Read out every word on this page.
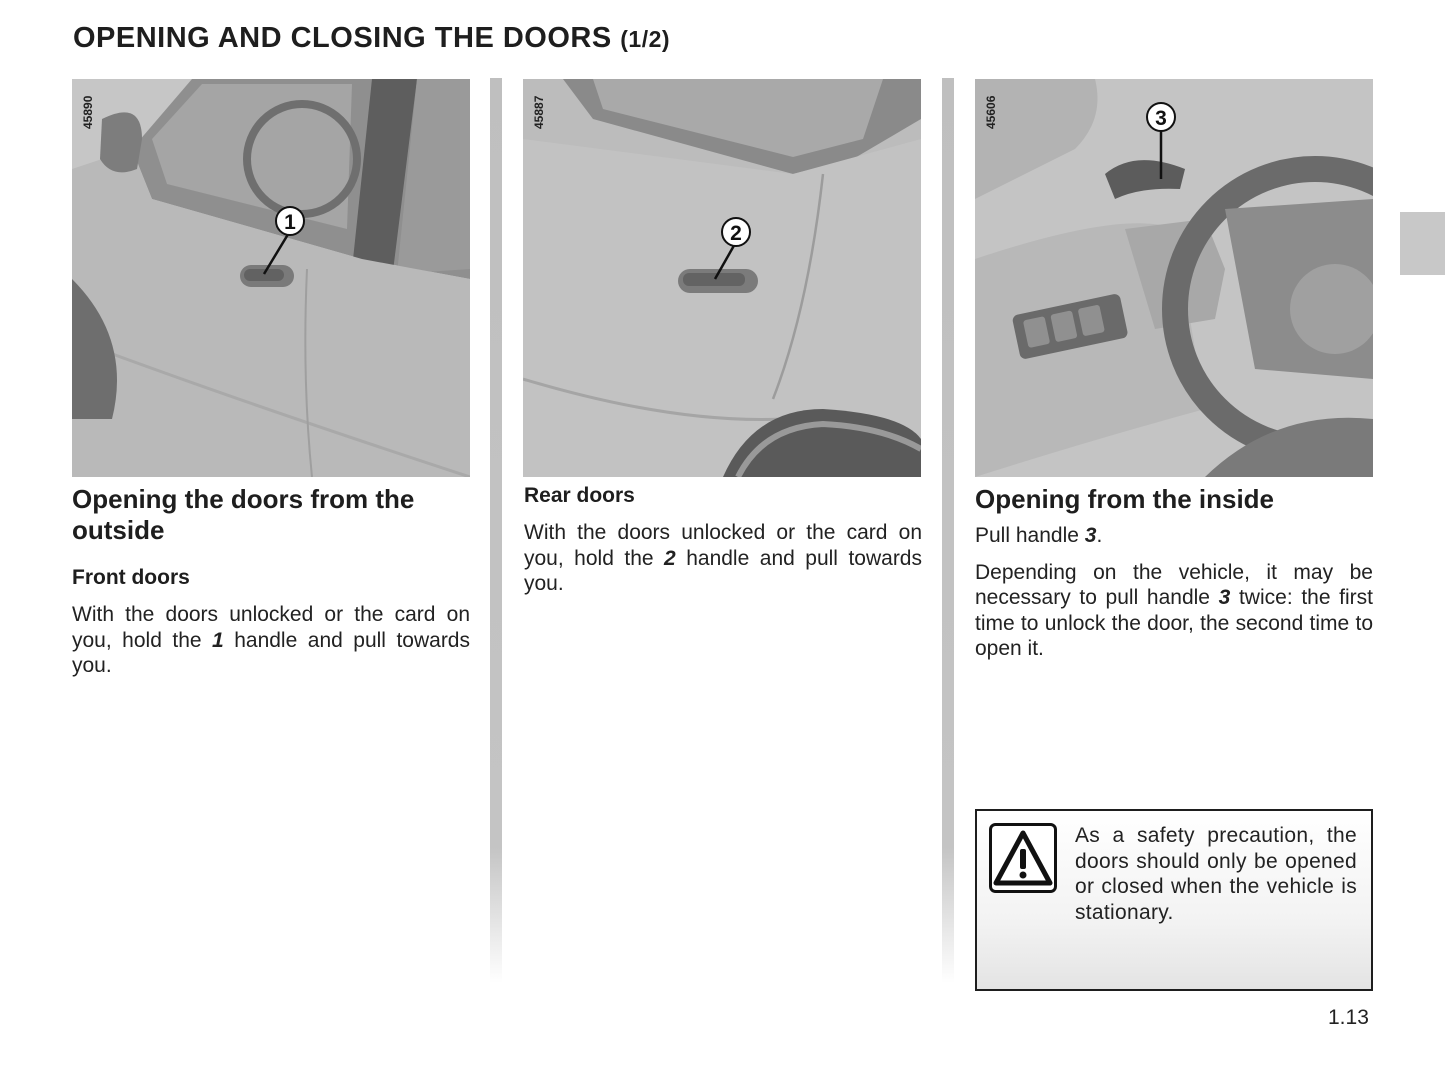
OPENING AND CLOSING THE DOORS (1/2)
1
45890
2
45887	3
45606
Opening the doors from the outside
Front doors

With the doors unlocked or the card on you, hold the 1 handle and pull towards you.

Rear doors

With the doors unlocked or the card on you, hold the 2 handle and pull towards you.

Opening from the inside

Pull handle 3.

Depending on the vehicle, it may be necessary to pull handle 3 twice: the first time to unlock the door, the second time to open it.

As a safety precaution, the doors should only be opened or closed when the vehicle is stationary.

1.13
